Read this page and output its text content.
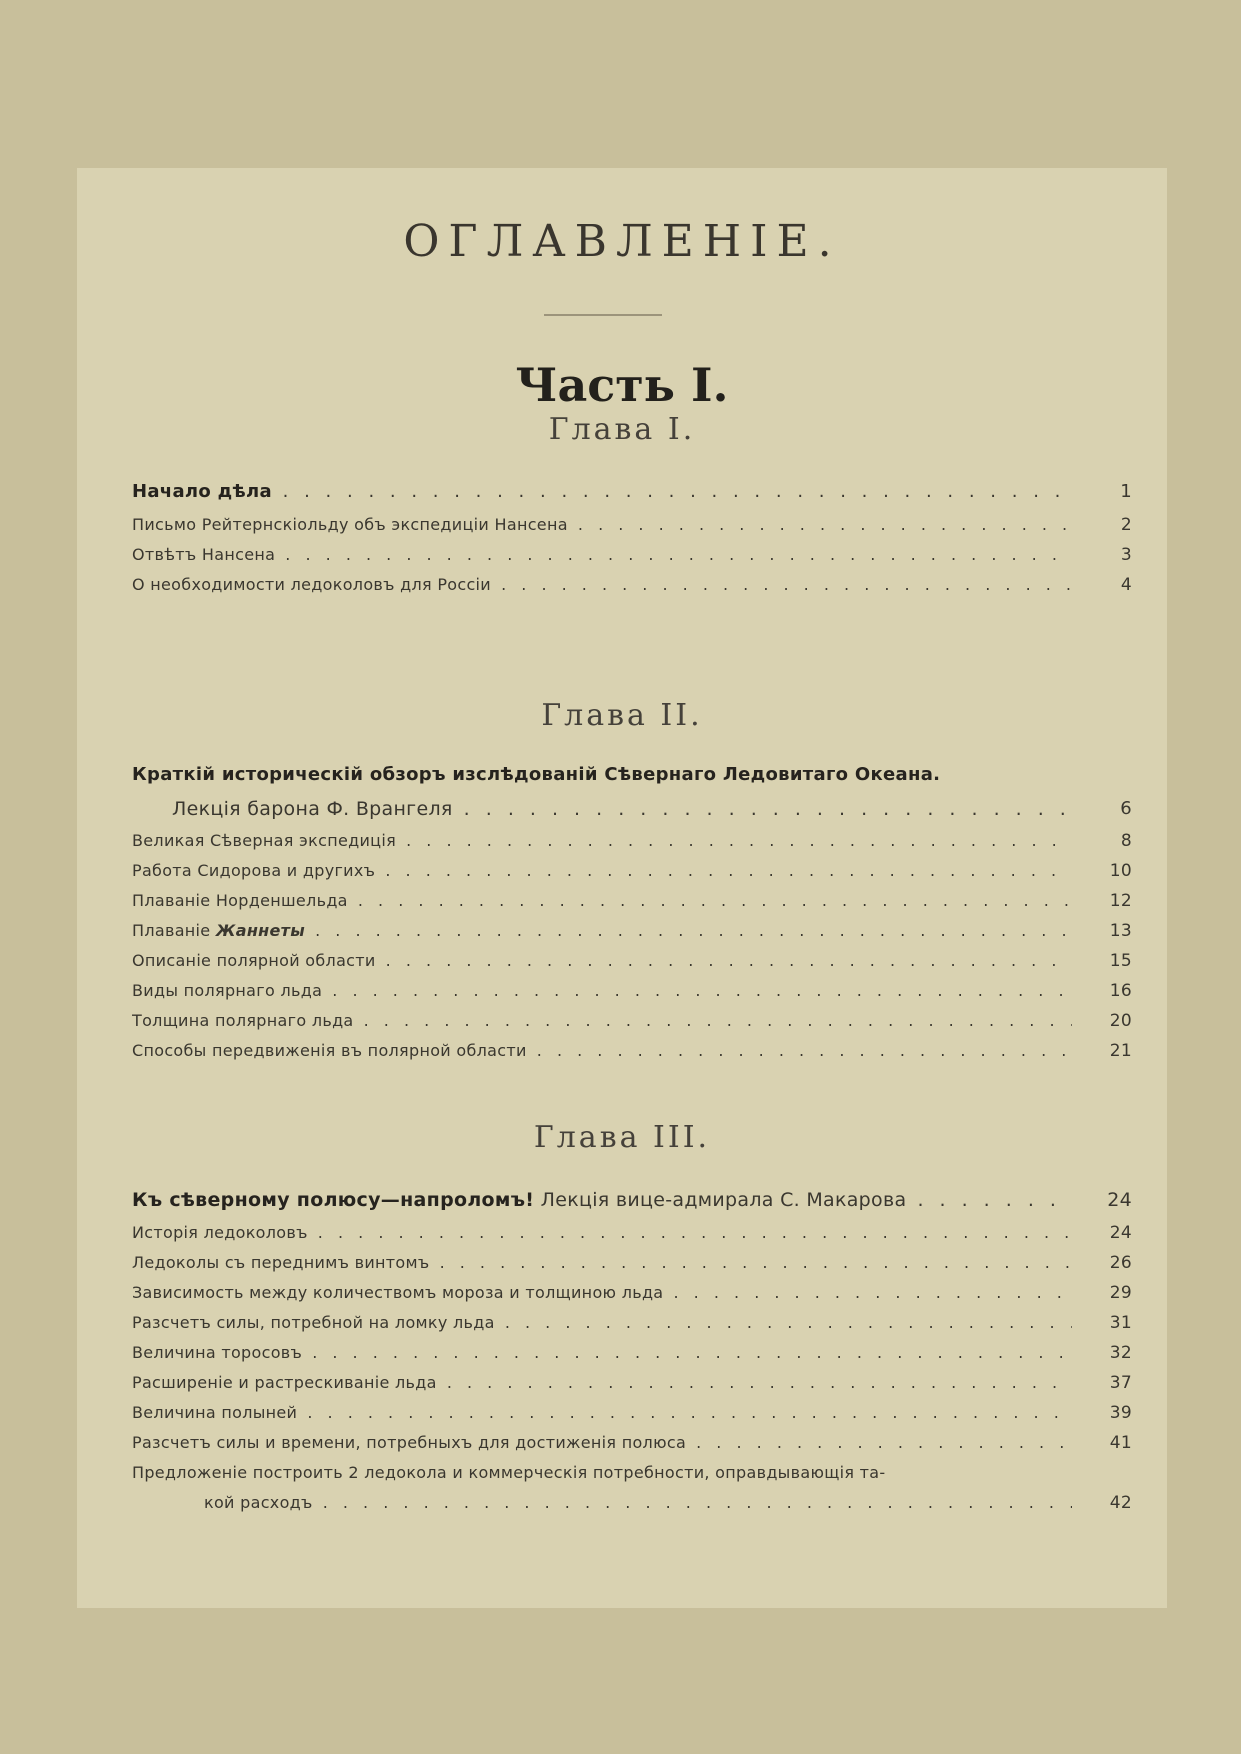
ОГЛАВЛЕНІЕ.
Часть I.
Глава I.
Начало дѣла . . .	1
Письмо Рейтернскіольду объ экспедиціи Нансена . . .	2
Отвѣтъ Нансена . . .	3
О необходимости ледоколовъ для Россіи . . .	4
Глава II.
Краткій историческій обзоръ изслѣдованій Сѣвернаго Ледовитаго Океана.
Лекція барона Ф. Врангеля . . .	6
Великая Сѣверная экспедиція . . .	8
Работа Сидорова и другихъ . . .	10
Плаваніе Норденшельда . . .	12
Плаваніе Жаннеты . . .	13
Описаніе полярной области . . .	15
Виды полярнаго льда . . .	16
Толщина полярнаго льда . . .	20
Способы передвиженія въ полярной области . . .	21
Глава III.
Къ сѣверному полюсу—напроломъ! Лекція вице-адмирала С. Макарова . . .	24
Исторія ледоколовъ . . .	24
Ледоколы съ переднимъ винтомъ . . .	26
Зависимость между количествомъ мороза и толщиною льда . . .	29
Разсчетъ силы, потребной на ломку льда . . .	31
Величина торосовъ . . .	32
Расширеніе и растрескиваніе льда . . .	37
Величина полыней . . .	39
Разсчетъ силы и времени, потребныхъ для достиженія полюса . . .	41
Предложеніе построить 2 ледокола и коммерческія потребности, оправдывающія та-
кой расходъ . . .	42
